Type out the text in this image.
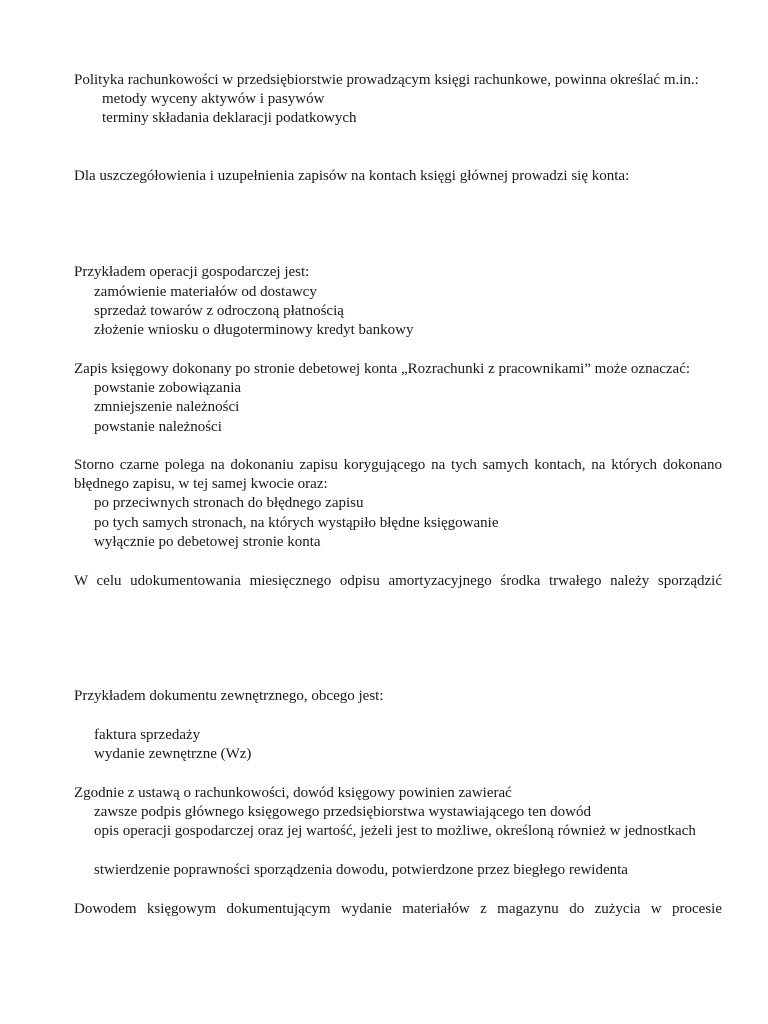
Polityka rachunkowości w przedsiębiorstwie prowadzącym księgi rachunkowe, powinna określać m.in.:
metody wyceny aktywów i pasywów
terminy składania deklaracji podatkowych
Dla uszczegółowienia i uzupełnienia zapisów na kontach księgi głównej prowadzi się konta:
Przykładem operacji gospodarczej jest:
zamówienie materiałów od dostawcy
sprzedaż towarów z odroczoną płatnością
złożenie wniosku o długoterminowy kredyt bankowy
Zapis księgowy dokonany po stronie debetowej konta „Rozrachunki z pracownikami” może oznaczać:
powstanie zobowiązania
zmniejszenie należności
powstanie należności
Storno czarne polega na dokonaniu zapisu korygującego na tych samych kontach, na których dokonano
błędnego zapisu, w tej samej kwocie oraz:
po przeciwnych stronach do błędnego zapisu
po tych samych stronach, na których wystąpiło błędne księgowanie
wyłącznie po debetowej stronie konta
W celu udokumentowania miesięcznego odpisu amortyzacyjnego środka trwałego należy sporządzić
Przykładem dokumentu zewnętrznego, obcego jest:
faktura sprzedaży
wydanie zewnętrzne (Wz)
Zgodnie z ustawą o rachunkowości, dowód księgowy powinien zawierać
zawsze podpis głównego księgowego przedsiębiorstwa wystawiającego ten dowód
opis operacji gospodarczej oraz jej wartość, jeżeli jest to możliwe, określoną również w jednostkach
stwierdzenie poprawności sporządzenia dowodu, potwierdzone przez biegłego rewidenta
Dowodem księgowym dokumentującym wydanie materiałów z magazynu do zużycia w procesie
